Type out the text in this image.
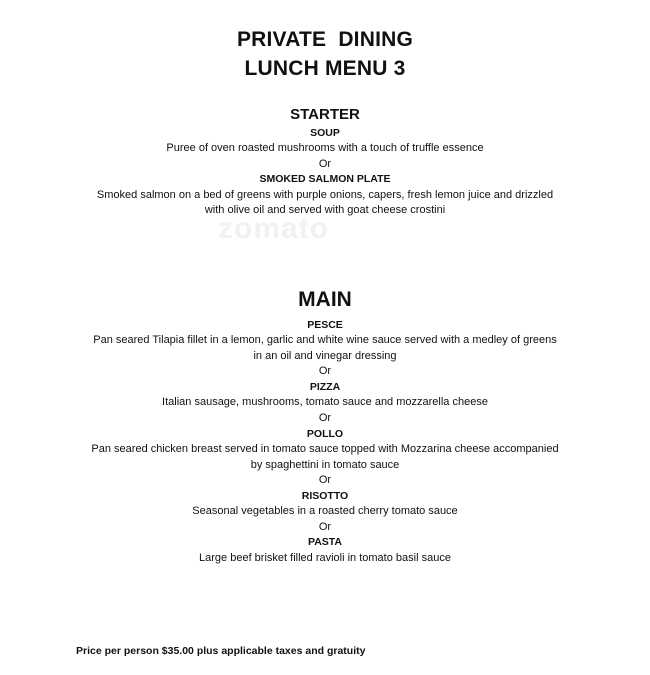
zomato
PRIVATE  DINING
LUNCH MENU 3
STARTER
SOUP
Puree of oven roasted mushrooms with a touch of truffle essence
Or
SMOKED SALMON PLATE
Smoked salmon on a bed of greens with purple onions, capers, fresh lemon juice and drizzled
with olive oil and served with goat cheese crostini
MAIN
PESCE
Pan seared Tilapia fillet in a lemon, garlic and white wine sauce served with a medley of greens
in an oil and vinegar dressing
Or
PIZZA
Italian sausage, mushrooms, tomato sauce and mozzarella cheese
Or
POLLO
Pan seared chicken breast served in tomato sauce topped with Mozzarina cheese accompanied
by spaghettini in tomato sauce
Or
RISOTTO
Seasonal vegetables in a roasted cherry tomato sauce
Or
PASTA
Large beef brisket filled ravioli in tomato basil sauce
Price per person $35.00 plus applicable taxes and gratuity
